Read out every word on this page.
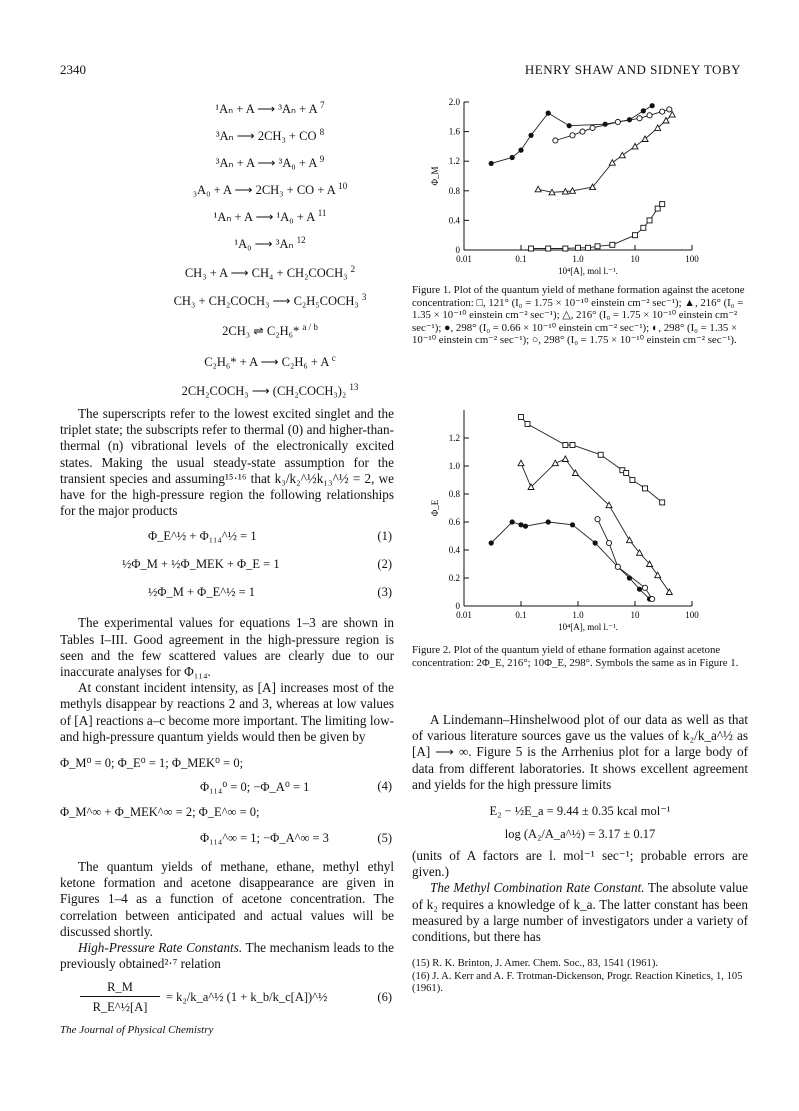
2340	HENRY SHAW AND SIDNEY TOBY
¹Aₙ + A ⟶ ³Aₙ + A $^7$
³Aₙ ⟶ 2CH₃ + CO $^8$
³Aₙ + A ⟶ ³A₀ + A $^9$
₃A₀ + A ⟶ 2CH₃ + CO + A $^{10}$
¹Aₙ + A ⟶ ¹A₀ + A $^{11}$
¹A₀ ⟶ ³Aₙ $^{12}$
CH₃ + A ⟶ CH₄ + CH₂COCH₃ $^2$
CH₃ + CH₂COCH₃ ⟶ C₂H₅COCH₃ $^3$
2CH₃ ⇌ C₂H₆* $^{a / b}$
C₂H₆* + A ⟶ C₂H₆ + A $^c$
2CH₂COCH₃ ⟶ (CH₂COCH₃)₂ $^{13}$

The superscripts refer to the lowest excited singlet and the triplet state; the subscripts refer to thermal (0) and higher-than-thermal (n) vibrational levels of the electronically excited states. Making the usual steady-state assumption for the transient species and assuming¹⁵·¹⁶ that k₃/k₂^½k₁₃^½ = 2, we have for the high-pressure region the following relationships for the major products

Φ_E^½ + Φ₁₁₄^½ = 1	(1)
½Φ_M + ½Φ_MEK + Φ_E = 1	(2)
½Φ_M + Φ_E^½ = 1	(3)

The experimental values for equations 1–3 are shown in Tables I–III. Good agreement in the high-pressure region is seen and the few scattered values are clearly due to our inaccurate analyses for Φ₁₁₄.

At constant incident intensity, as [A] increases most of the methyls disappear by reactions 2 and 3, whereas at low values of [A] reactions a–c become more important. The limiting low- and high-pressure quantum yields would then be given by

Φ_M⁰ = 0; Φ_E⁰ = 1; Φ_MEK⁰ = 0;
Φ₁₁₄⁰ = 0; −Φ_A⁰ = 1	(4)
Φ_M^∞ + Φ_MEK^∞ = 2; Φ_E^∞ = 0;
Φ₁₁₄^∞ = 1; −Φ_A^∞ = 3	(5)

The quantum yields of methane, ethane, methyl ethyl ketone formation and acetone disappearance are given in Figures 1–4 as a function of acetone concentration. The correlation between anticipated and actual values will be discussed shortly.

High-Pressure Rate Constants. The mechanism leads to the previously obtained²·⁷ relation

R_M
R_E^½[A]
= k₂/k_a^½ (1 + k_b/k_c[A])^½	(6)
The Journal of Physical Chemistry
0.01	0.1	1.0	10	100
0
0.4
0.8
1.2
1.6
2.0
10⁴[A], mol l.⁻¹.
Φ_M
Figure 1. Plot of the quantum yield of methane formation against the acetone concentration: □, 121° (I₀ = 1.75 × 10⁻¹⁰ einstein cm⁻² sec⁻¹); ▲, 216° (I₀ = 1.35 × 10⁻¹⁰ einstein cm⁻² sec⁻¹); △, 216° (I₀ = 1.75 × 10⁻¹⁰ einstein cm⁻² sec⁻¹); ●, 298° (I₀ = 0.66 × 10⁻¹⁰ einstein cm⁻² sec⁻¹); ◐, 298° (I₀ = 1.35 × 10⁻¹⁰ einstein cm⁻² sec⁻¹); ○, 298° (I₀ = 1.75 × 10⁻¹⁰ einstein cm⁻² sec⁻¹).
0.01	0.1	1.0	10	100
0
0.2
0.4
0.6
0.8
1.0
1.2
10⁴[A], mol l.⁻¹.
Φ_E
Figure 2. Plot of the quantum yield of ethane formation against acetone concentration: 2Φ_E, 216°; 10Φ_E, 298°. Symbols the same as in Figure 1.

A Lindemann–Hinshelwood plot of our data as well as that of various literature sources gave us the values of k₂/k_a^½ as [A] ⟶ ∞. Figure 5 is the Arrhenius plot for a large body of data from different laboratories. It shows excellent agreement and yields for the high pressure limits

E₂ − ½E_a = 9.44 ± 0.35 kcal mol⁻¹
log (A₂/A_a^½) = 3.17 ± 0.17

(units of A factors are l. mol⁻¹ sec⁻¹; probable errors are given.)

The Methyl Combination Rate Constant. The absolute value of k₂ requires a knowledge of k_a. The latter constant has been measured by a large number of investigators under a variety of conditions, but there has

(15) R. K. Brinton, J. Amer. Chem. Soc., 83, 1541 (1961).
(16) J. A. Kerr and A. F. Trotman-Dickenson, Progr. Reaction Kinetics, 1, 105 (1961).
